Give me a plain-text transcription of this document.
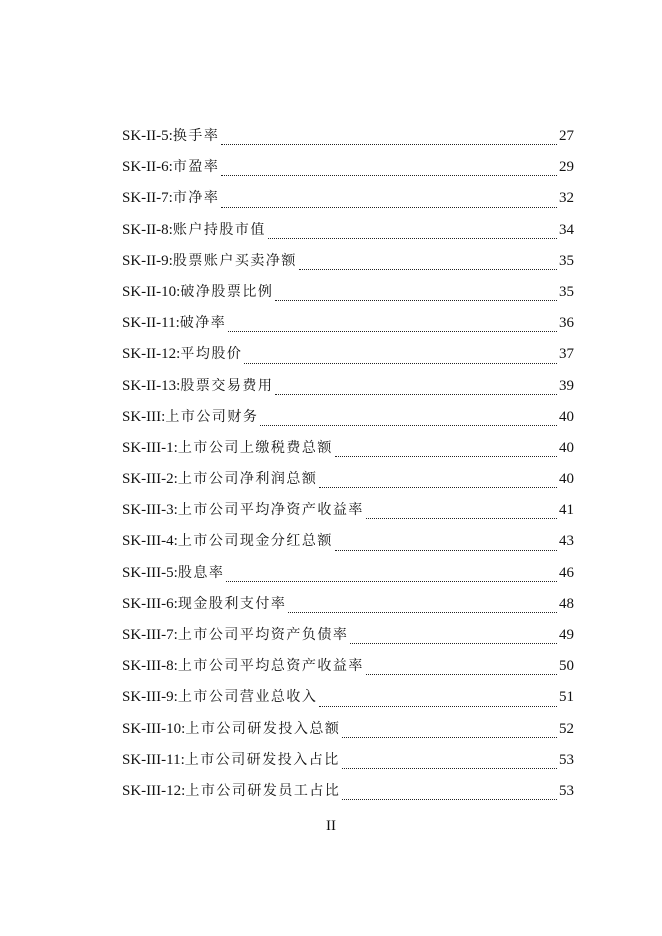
SK-II-5: 换手率	27
SK-II-6: 市盈率	29
SK-II-7: 市净率	32
SK-II-8: 账户持股市值	34
SK-II-9: 股票账户买卖净额	35
SK-II-10: 破净股票比例	35
SK-II-11: 破净率	36
SK-II-12: 平均股价	37
SK-II-13: 股票交易费用	39
SK-III: 上市公司财务	40
SK-III-1: 上市公司上缴税费总额	40
SK-III-2: 上市公司净利润总额	40
SK-III-3: 上市公司平均净资产收益率	41
SK-III-4: 上市公司现金分红总额	43
SK-III-5: 股息率	46
SK-III-6: 现金股利支付率	48
SK-III-7: 上市公司平均资产负债率	49
SK-III-8: 上市公司平均总资产收益率	50
SK-III-9: 上市公司营业总收入	51
SK-III-10: 上市公司研发投入总额	52
SK-III-11: 上市公司研发投入占比	53
SK-III-12: 上市公司研发员工占比	53
II
